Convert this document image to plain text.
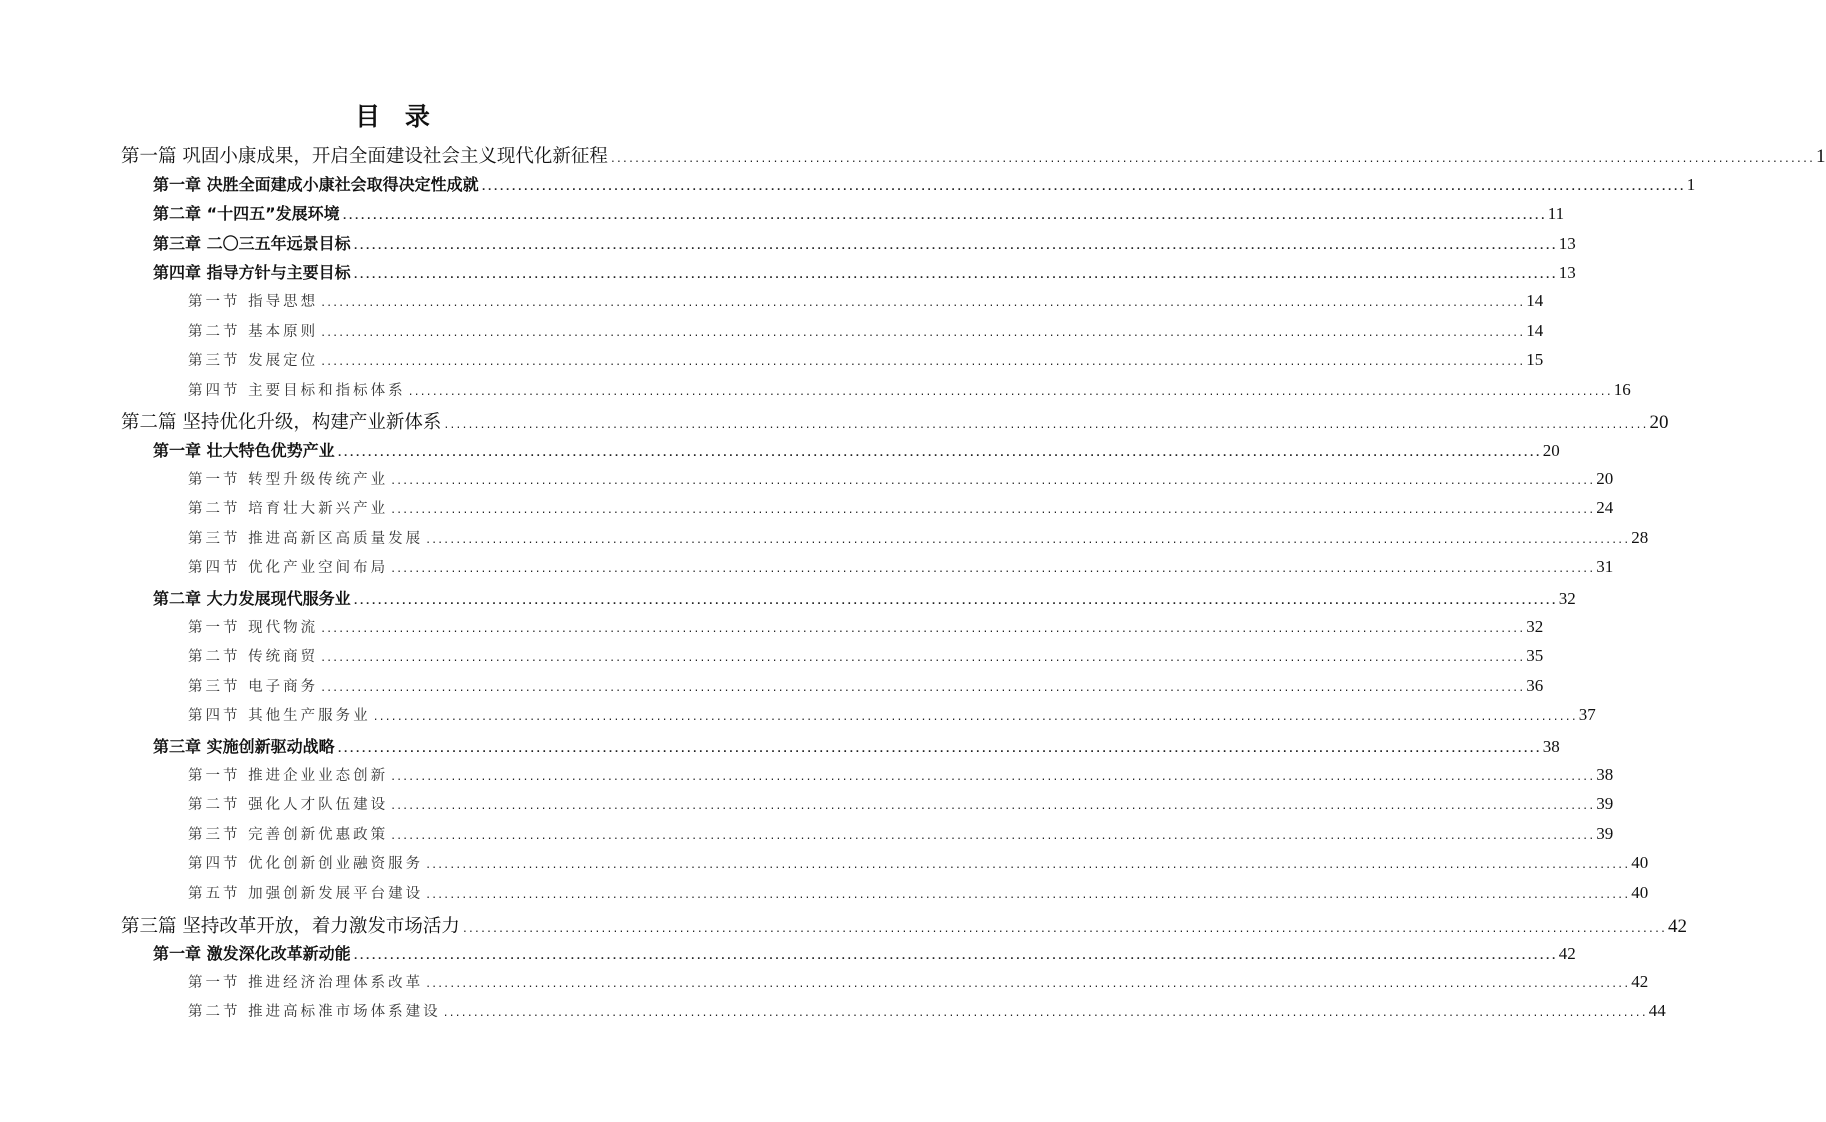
目 录
第一篇 巩固小康成果，开启全面建设社会主义现代化新征程 ........................................................................................................................................................................................................ 1
第一章 决胜全面建成小康社会取得决定性成就 ........................................................................................................................................................................................................ 1
第二章 “十四五”发展环境 ........................................................................................................................................................................................................ 11
第三章 二〇三五年远景目标 ........................................................................................................................................................................................................ 13
第四章 指导方针与主要目标 ........................................................................................................................................................................................................ 13
第一节 指导思想 ........................................................................................................................................................................................................ 14
第二节 基本原则 ........................................................................................................................................................................................................ 14
第三节 发展定位 ........................................................................................................................................................................................................ 15
第四节 主要目标和指标体系 ........................................................................................................................................................................................................ 16
第二篇 坚持优化升级，构建产业新体系 ........................................................................................................................................................................................................ 20
第一章 壮大特色优势产业 ........................................................................................................................................................................................................ 20
第一节 转型升级传统产业 ........................................................................................................................................................................................................ 20
第二节 培育壮大新兴产业 ........................................................................................................................................................................................................ 24
第三节 推进高新区高质量发展 ........................................................................................................................................................................................................ 28
第四节 优化产业空间布局 ........................................................................................................................................................................................................ 31
第二章 大力发展现代服务业 ........................................................................................................................................................................................................ 32
第一节 现代物流 ........................................................................................................................................................................................................ 32
第二节 传统商贸 ........................................................................................................................................................................................................ 35
第三节 电子商务 ........................................................................................................................................................................................................ 36
第四节 其他生产服务业 ........................................................................................................................................................................................................ 37
第三章 实施创新驱动战略 ........................................................................................................................................................................................................ 38
第一节 推进企业业态创新 ........................................................................................................................................................................................................ 38
第二节 强化人才队伍建设 ........................................................................................................................................................................................................ 39
第三节 完善创新优惠政策 ........................................................................................................................................................................................................ 39
第四节 优化创新创业融资服务 ........................................................................................................................................................................................................ 40
第五节 加强创新发展平台建设 ........................................................................................................................................................................................................ 40
第三篇 坚持改革开放，着力激发市场活力 ........................................................................................................................................................................................................ 42
第一章 激发深化改革新动能 ........................................................................................................................................................................................................ 42
第一节 推进经济治理体系改革 ........................................................................................................................................................................................................ 42
第二节 推进高标准市场体系建设 ........................................................................................................................................................................................................ 44
